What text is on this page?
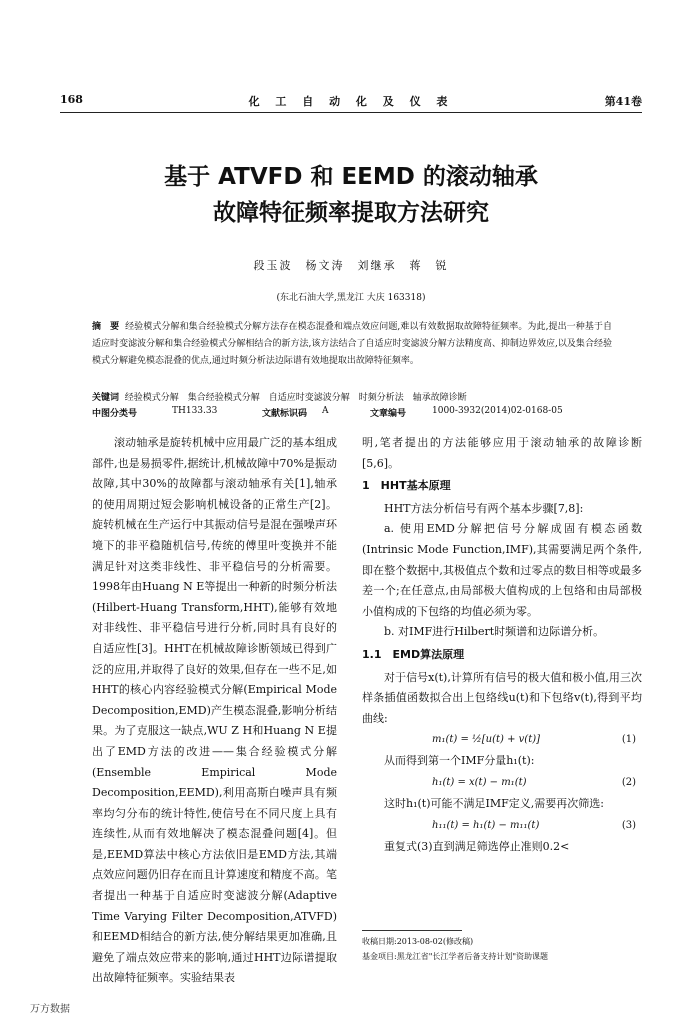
168	化 工 自 动 化 及 仪 表	第41卷
基于 ATVFD 和 EEMD 的滚动轴承
故障特征频率提取方法研究
段玉波　杨文涛　刘继承　蒋　锐
(东北石油大学,黑龙江 大庆 163318)
摘　要 经验模式分解和集合经验模式分解方法存在模态混叠和端点效应问题,难以有效数据取故障特征频率。为此,提出一种基于自适应时变滤波分解和集合经验模式分解相结合的新方法,该方法结合了自适应时变滤波分解方法精度高、抑制边界效应,以及集合经验模式分解避免模态混叠的优点,通过时频分析法边际谱有效地提取出故障特征频率。
关键词 经验模式分解　集合经验模式分解　自适应时变滤波分解　时频分析法　轴承故障诊断
中图分类号	TH133.33	文献标识码 A	文章编号	1000-3932(2014)02-0168-05

滚动轴承是旋转机械中应用最广泛的基本组成部件,也是易损零件,据统计,机械故障中70%是振动故障,其中30%的故障都与滚动轴承有关[1],轴承的使用周期过短会影响机械设备的正常生产[2]。旋转机械在生产运行中其振动信号是混在强噪声环境下的非平稳随机信号,传统的傅里叶变换并不能满足针对这类非线性、非平稳信号的分析需要。1998年由Huang N E等提出一种新的时频分析法(Hilbert-Huang Transform,HHT),能够有效地对非线性、非平稳信号进行分析,同时具有良好的自适应性[3]。HHT在机械故障诊断领域已得到广泛的应用,并取得了良好的效果,但存在一些不足,如HHT的核心内容经验模式分解(Empirical Mode Decomposition,EMD)产生模态混叠,影响分析结果。为了克服这一缺点,WU Z H和Huang N E提出了EMD方法的改进——集合经验模式分解(Ensemble Empirical Mode Decomposition,EEMD),利用高斯白噪声具有频率均匀分布的统计特性,使信号在不同尺度上具有连续性,从而有效地解决了模态混叠问题[4]。但是,EEMD算法中核心方法依旧是EMD方法,其端点效应问题仍旧存在而且计算速度和精度不高。笔者提出一种基于自适应时变滤波分解(Adaptive Time Varying Filter Decomposition,ATVFD)和EEMD相结合的新方法,使分解结果更加准确,且避免了端点效应带来的影响,通过HHT边际谱提取出故障特征频率。实验结果表

明,笔者提出的方法能够应用于滚动轴承的故障诊断[5,6]。

1　HHT基本原理

HHT方法分析信号有两个基本步骤[7,8]:

a. 使用EMD分解把信号分解成固有模态函数(Intrinsic Mode Function,IMF),其需要满足两个条件,即在整个数据中,其极值点个数和过零点的数目相等或最多差一个;在任意点,由局部极大值构成的上包络和由局部极小值构成的下包络的均值必须为零。

b. 对IMF进行Hilbert时频谱和边际谱分析。

1.1　EMD算法原理

对于信号x(t),计算所有信号的极大值和极小值,用三次样条插值函数拟合出上包络线u(t)和下包络v(t),得到平均曲线:

m₁(t) = ½[u(t) + v(t)]	(1)

从而得到第一个IMF分量h₁(t):

h₁(t) = x(t) − m₁(t)	(2)

这时h₁(t)可能不满足IMF定义,需要再次筛选:

h₁₁(t) = h₁(t) − m₁₁(t)	(3)

重复式(3)直到满足筛选停止准则0.2<

收稿日期:2013-08-02(修改稿)
基金项目:黑龙江省"长江学者后备支持计划"资助课题
万方数据
